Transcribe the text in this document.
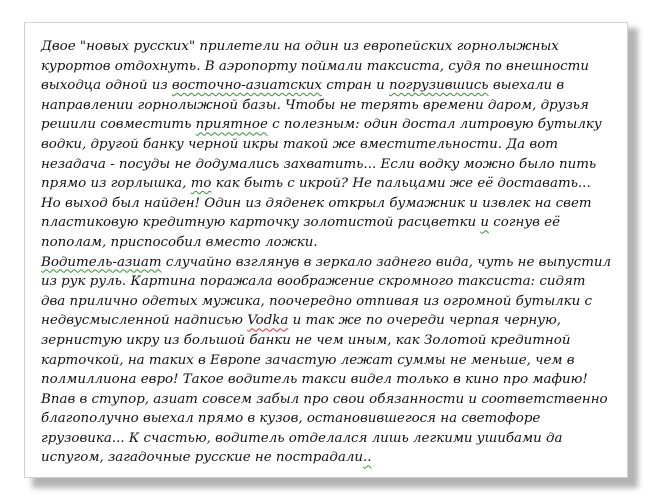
Двое "новых русских" прилетели на один из европейских горнолыжных
курортов отдохнуть. В аэропорту поймали таксиста, судя по внешности
выходца одной из восточно-азиатских стран и погрузившись выехали в
направлении горнолыжной базы. Чтобы не терять времени даром, друзья
решили совместить приятное с полезным: один достал литровую бутылку
водки, другой банку черной икры такой же вместительности. Да вот
незадача - посуды не додумались захватить... Если водку можно было пить
прямо из горлышка, то как быть с икрой? Не пальцами же её доставать...
Но выход был найден! Один из дяденек открыл бумажник и извлек на свет
пластиковую кредитную карточку золотистой расцветки и согнув её
пополам, приспособил вместо ложки.
Водитель-азиат случайно взглянув в зеркало заднего вида, чуть не выпустил
из рук руль. Картина поражала воображение скромного таксиста: сидят
два прилично одетых мужика, поочередно отпивая из огромной бутылки с
недвусмысленной надписью Vodka и так же по очереди черпая черную,
зернистую икру из большой банки не чем иным, как Золотой кредитной
карточкой, на таких в Европе зачастую лежат суммы не меньше, чем в
полмиллиона евро! Такое водитель такси видел только в кино про мафию!
Впав в ступор, азиат совсем забыл про свои обязанности и соответственно
благополучно выехал прямо в кузов, остановившегося на светофоре
грузовика... К счастью, водитель отделался лишь легкими ушибами да
испугом, загадочные русские не пострадали..
